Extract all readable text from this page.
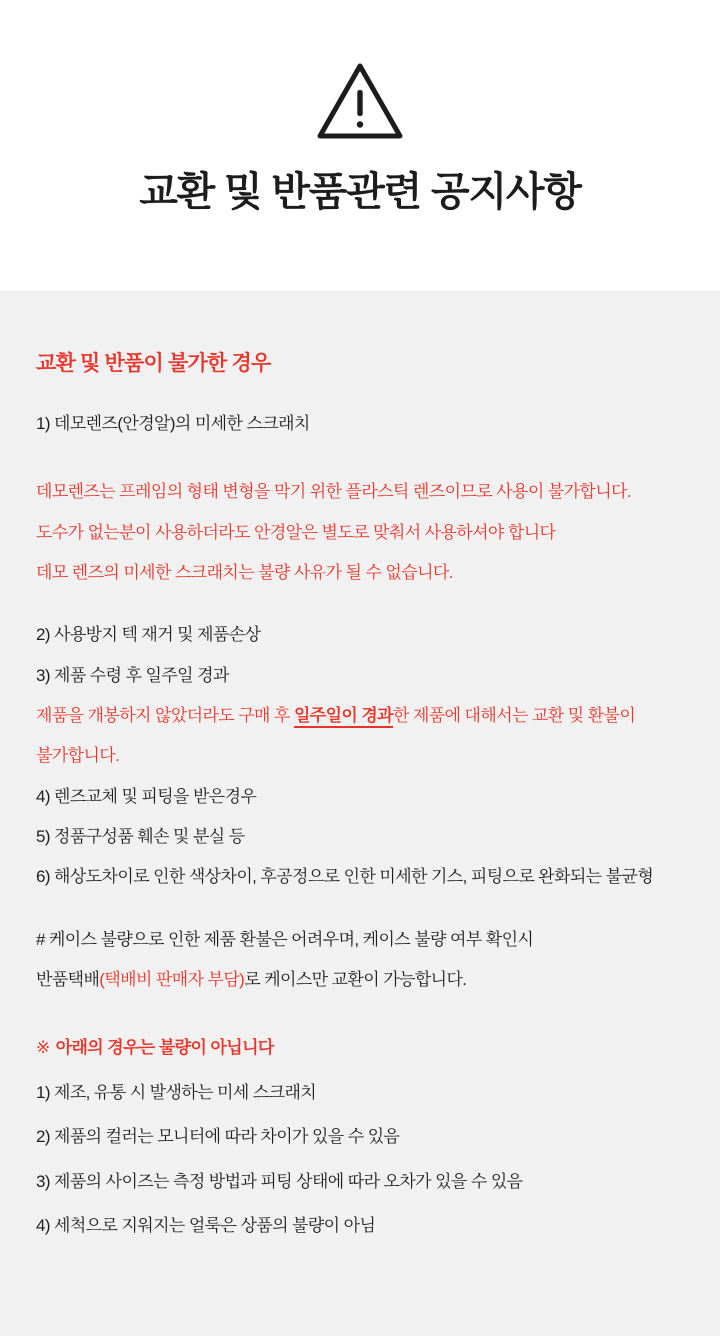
교환 및 반품관련 공지사항
교환 및 반품이 불가한 경우

1) 데모렌즈(안경알)의 미세한 스크래치

데모렌즈는 프레임의 형태 변형을 막기 위한 플라스틱 렌즈이므로 사용이 불가합니다.

도수가 없는분이 사용하더라도 안경알은 별도로 맞춰서 사용하셔야 합니다

데모 렌즈의 미세한 스크래치는 불량 사유가 될 수 없습니다.

2) 사용방지 텍 재거 및 제품손상

3) 제품 수령 후 일주일 경과

제품을 개봉하지 않았더라도 구매 후 일주일이 경과한 제품에 대해서는 교환 및 환불이

불가합니다.

4) 렌즈교체 및 피팅을 받은경우

5) 정품구성품 훼손 및 분실 등

6) 해상도차이로 인한 색상차이, 후공정으로 인한 미세한 기스, 피팅으로 완화되는 불균형

# 케이스 불량으로 인한 제품 환불은 어려우며, 케이스 불량 여부 확인시

반품택배(택배비 판매자 부담)로 케이스만 교환이 가능합니다.

※ 아래의 경우는 불량이 아닙니다

1) 제조, 유통 시 발생하는 미세 스크래치

2) 제품의 컬러는 모니터에 따라 차이가 있을 수 있음

3) 제품의 사이즈는 측정 방법과 피팅 상태에 따라 오차가 있을 수 있음

4) 세척으로 지워지는 얼룩은 상품의 불량이 아님
